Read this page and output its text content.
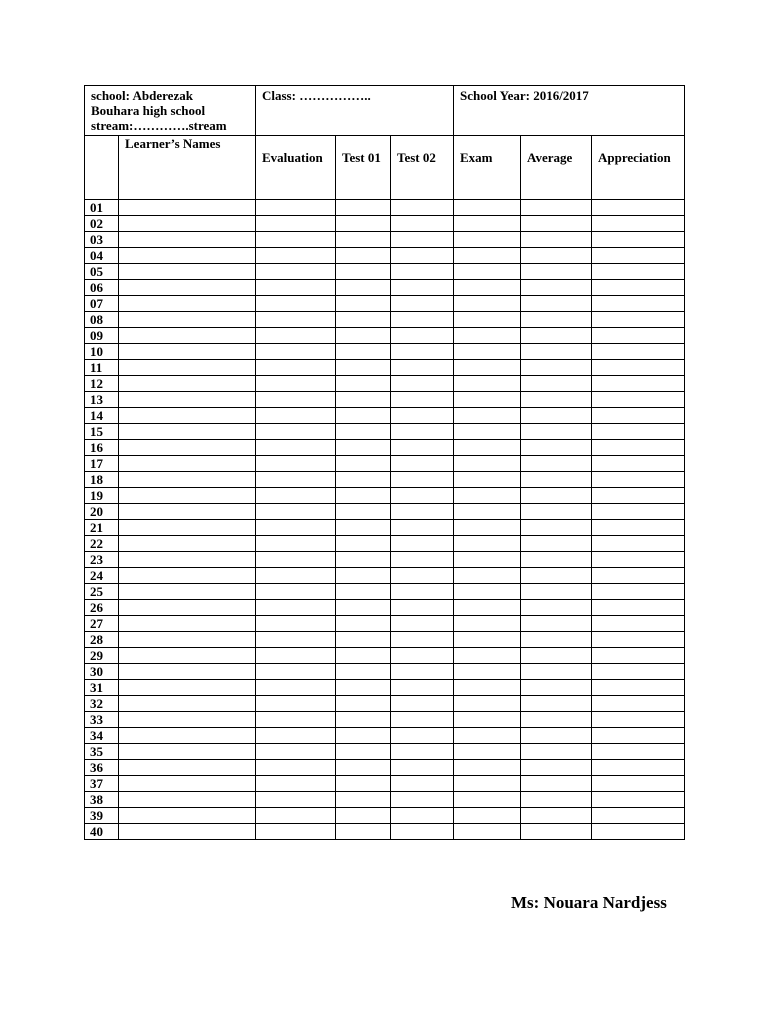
school: Abderezak
Bouhara high school
stream:………….stream		Class: ……………..			School Year: 2016/2017		
	Learner’s Names	Evaluation	Test 01	Test 02	Exam	Average	Appreciation
01							
02							
03							
04							
05							
06							
07							
08							
09							
10							
11							
12							
13							
14							
15							
16							
17							
18							
19							
20							
21							
22							
23							
24							
25							
26							
27							
28							
29							
30							
31							
32							
33							
34							
35							
36							
37							
38							
39							
40							
Ms: Nouara Nardjess
